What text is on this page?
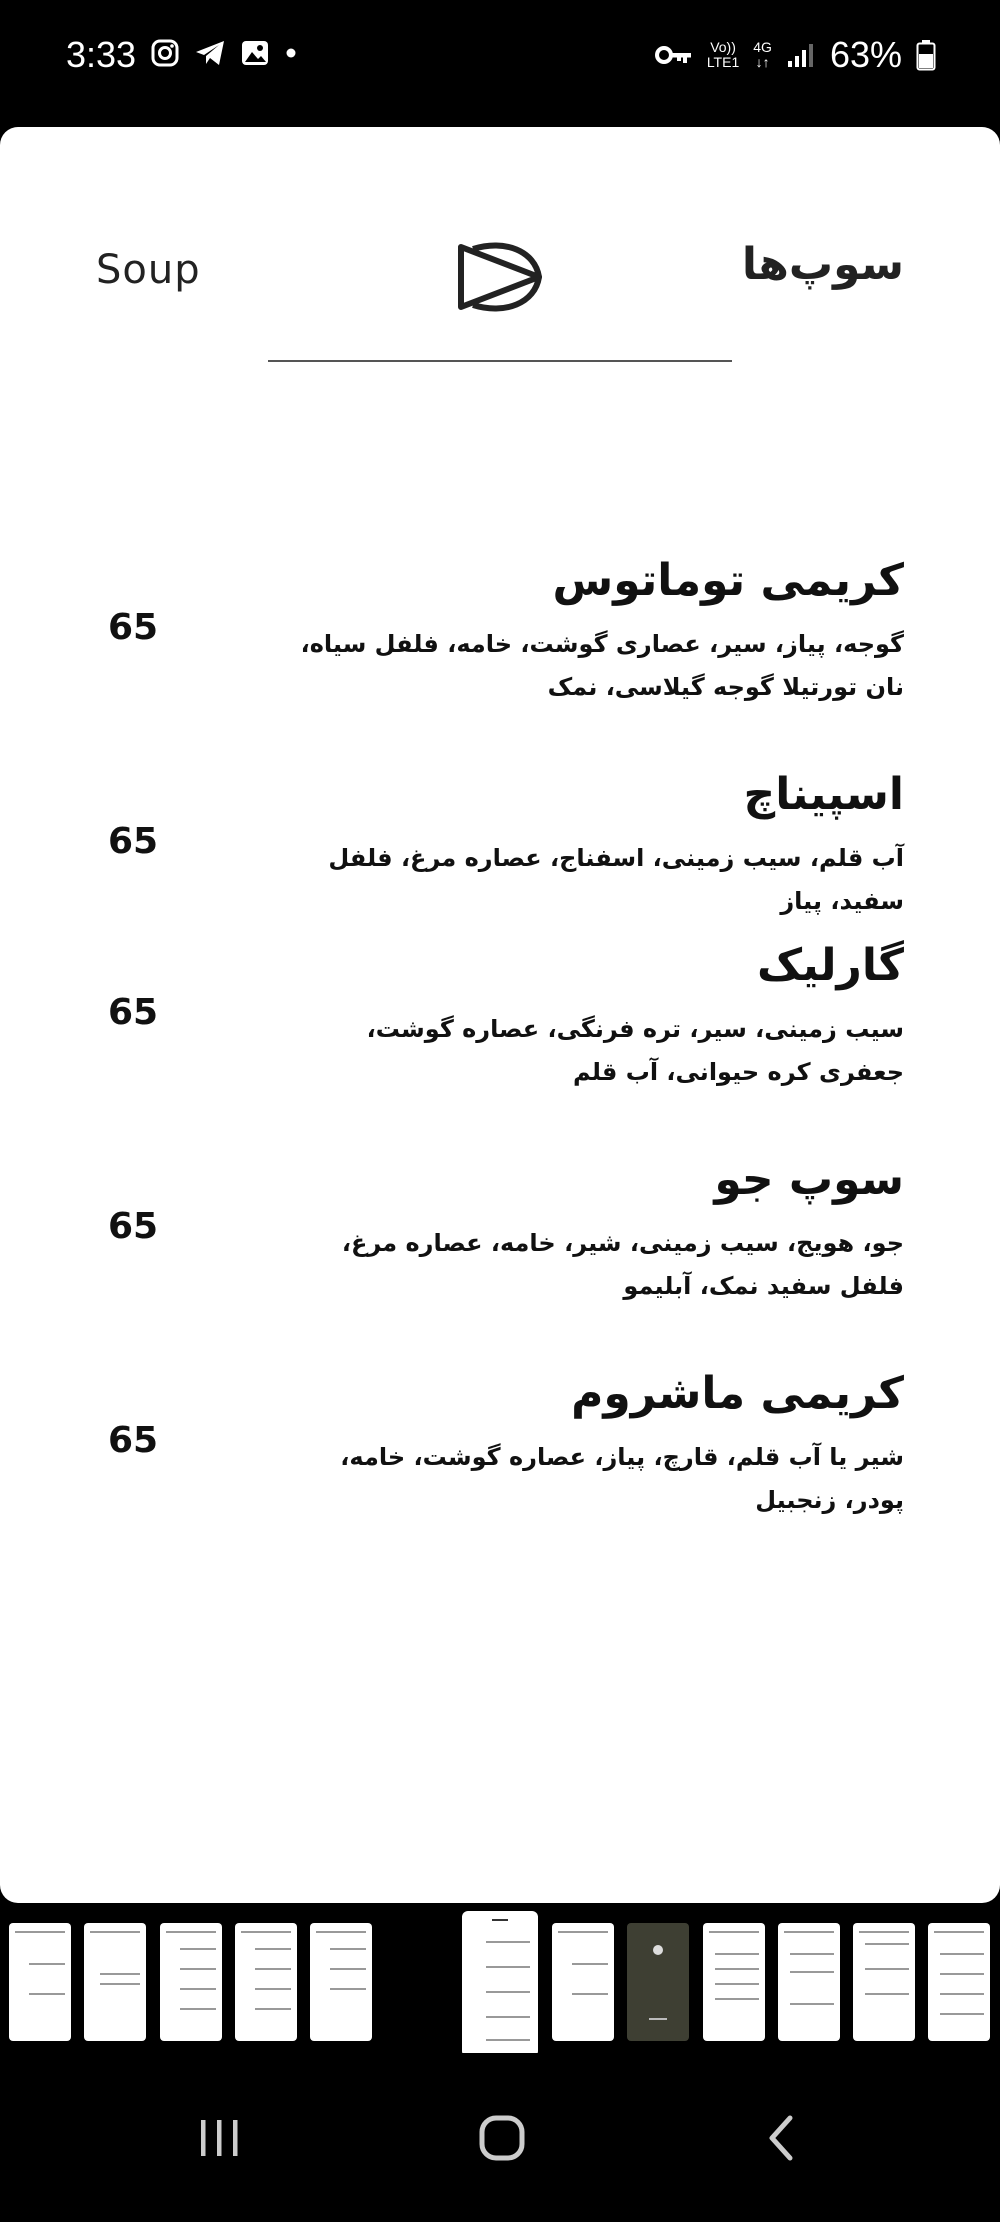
3:33	Vo))
LTE1
4G
↓↑ 63%
Soup	سوپ‌ها
کریمی توماتوس
گوجه، پیاز، سیر، عصاری گوشت، خامه، فلفل سیاه، نان تورتیلا گوجه گیلاسی، نمک
65
اسپیناچ
آب قلم، سیب زمینی، اسفناج، عصاره مرغ، فلفل سفید، پیاز
65
گارلیک
سیب زمینی، سیر، تره فرنگی، عصاره گوشت، جعفری کره حیوانی، آب قلم
65
سوپ جو
جو، هویج، سیب زمینی، شیر، خامه، عصاره مرغ، فلفل سفید نمک، آبلیمو
65
کریمی ماشروم
شیر یا آب قلم، قارچ، پیاز، عصاره گوشت، خامه، پودر، زنجبیل
65
